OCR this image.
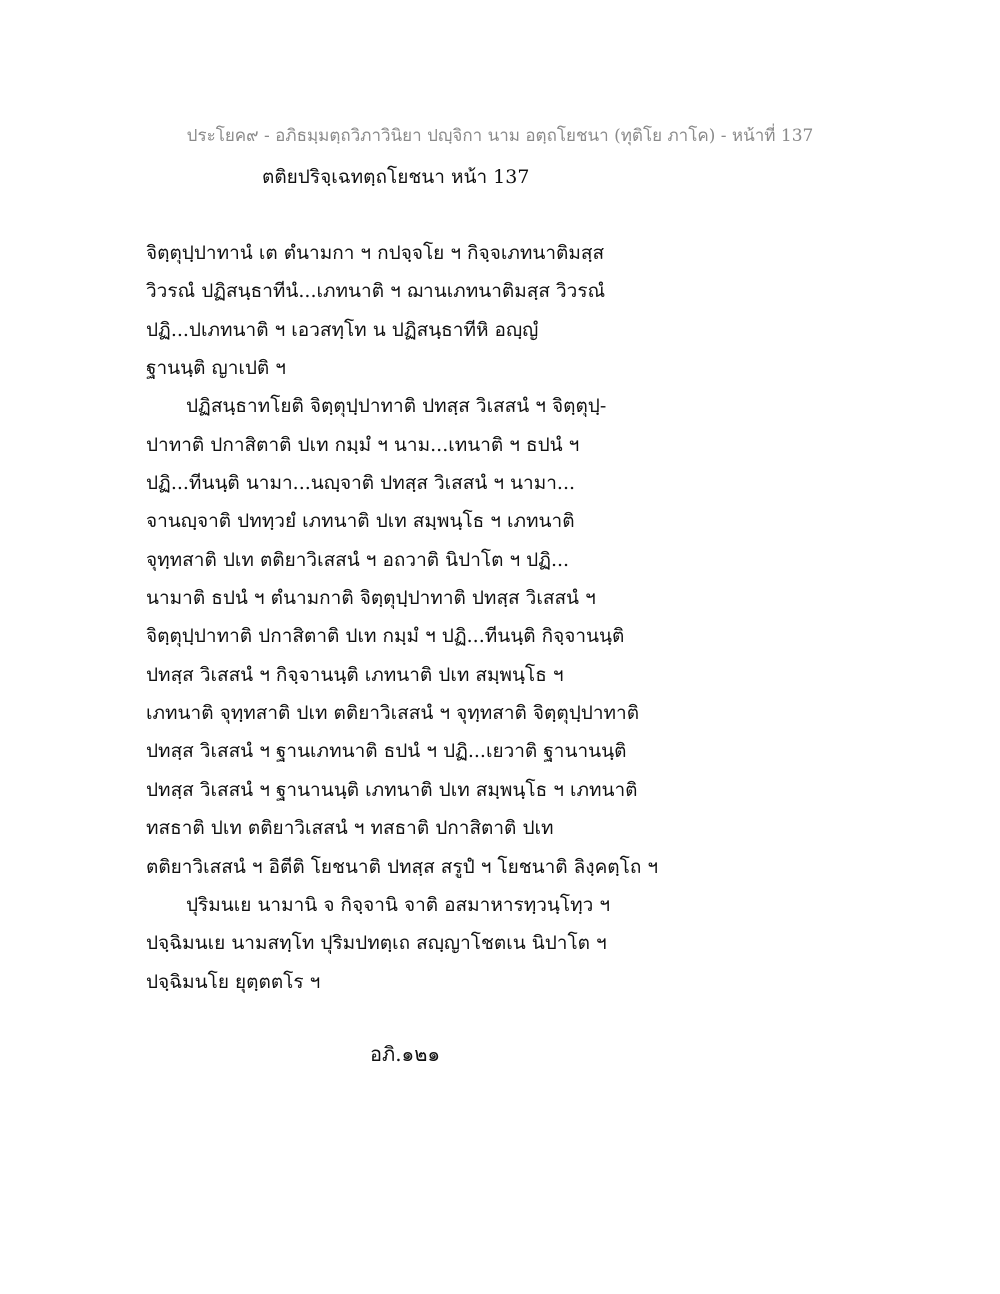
ประโยค๙ - อภิธมฺมตฺถวิภาวินิยา ปญฺจิกา นาม อตฺถโยชนา (ทุติโย ภาโค) - หน้าที่ 137
ตติยปริจฺเฉทตฺถโยชนา หน้า 137
จิตฺตุปฺปาทานํ เต ตํนามกา ฯ กปจฺจโย ฯ กิจฺจเภทนาติมสฺส
วิวรณํ ปฏิสนฺธาทีนํ...เภทนาติ ฯ ฌานเภทนาติมสฺส วิวรณํ
ปฏิ...ปเภทนาติ ฯ เอวสทฺโท น ปฏิสนฺธาทีหิ อญฺญํ
ฐานนฺติ ญาเปติ ฯ
ปฏิสนฺธาทโยติ จิตฺตุปฺปาทาติ ปทสฺส วิเสสนํ ฯ จิตฺตุปฺ-
ปาทาติ ปกาสิตาติ ปเท กมฺมํ ฯ นาม...เทนาติ ฯ ธปนํ ฯ
ปฏิ...ทีนนฺติ นามา...นญฺจาติ ปทสฺส วิเสสนํ ฯ นามา...
จานญฺจาติ ปททฺวยํ เภทนาติ ปเท สมฺพนฺโธ ฯ เภทนาติ
จุทฺทสาติ ปเท ตติยาวิเสสนํ ฯ อถวาติ นิปาโต ฯ ปฏิ...
นามาติ ธปนํ ฯ ตํนามกาติ จิตฺตุปฺปาทาติ ปทสฺส วิเสสนํ ฯ
จิตฺตุปฺปาทาติ ปกาสิตาติ ปเท กมฺมํ ฯ ปฏิ...ทีนนฺติ กิจฺจานนฺติ
ปทสฺส วิเสสนํ ฯ กิจฺจานนฺติ เภทนาติ ปเท สมฺพนฺโธ ฯ
เภทนาติ จุทฺทสาติ ปเท ตติยาวิเสสนํ ฯ จุทฺทสาติ จิตฺตุปฺปาทาติ
ปทสฺส วิเสสนํ ฯ ฐานเภทนาติ ธปนํ ฯ ปฏิ...เยวาติ ฐานานนฺติ
ปทสฺส วิเสสนํ ฯ ฐานานนฺติ เภทนาติ ปเท สมฺพนฺโธ ฯ เภทนาติ
ทสธาติ ปเท ตติยาวิเสสนํ ฯ ทสธาติ ปกาสิตาติ ปเท
ตติยาวิเสสนํ ฯ อิตีติ โยชนาติ ปทสฺส สรูปํ ฯ โยชนาติ ลิงฺคตฺโถ ฯ
ปุริมนเย นามานิ จ กิจฺจานิ จาติ อสมาหารทฺวนฺโทฺว ฯ
ปจฺฉิมนเย นามสทฺโท ปุริมปทตฺเถ สญฺญาโชตเน นิปาโต ฯ
ปจฺฉิมนโย ยุตฺตตโร ฯ
อภิ.๑๒๑
